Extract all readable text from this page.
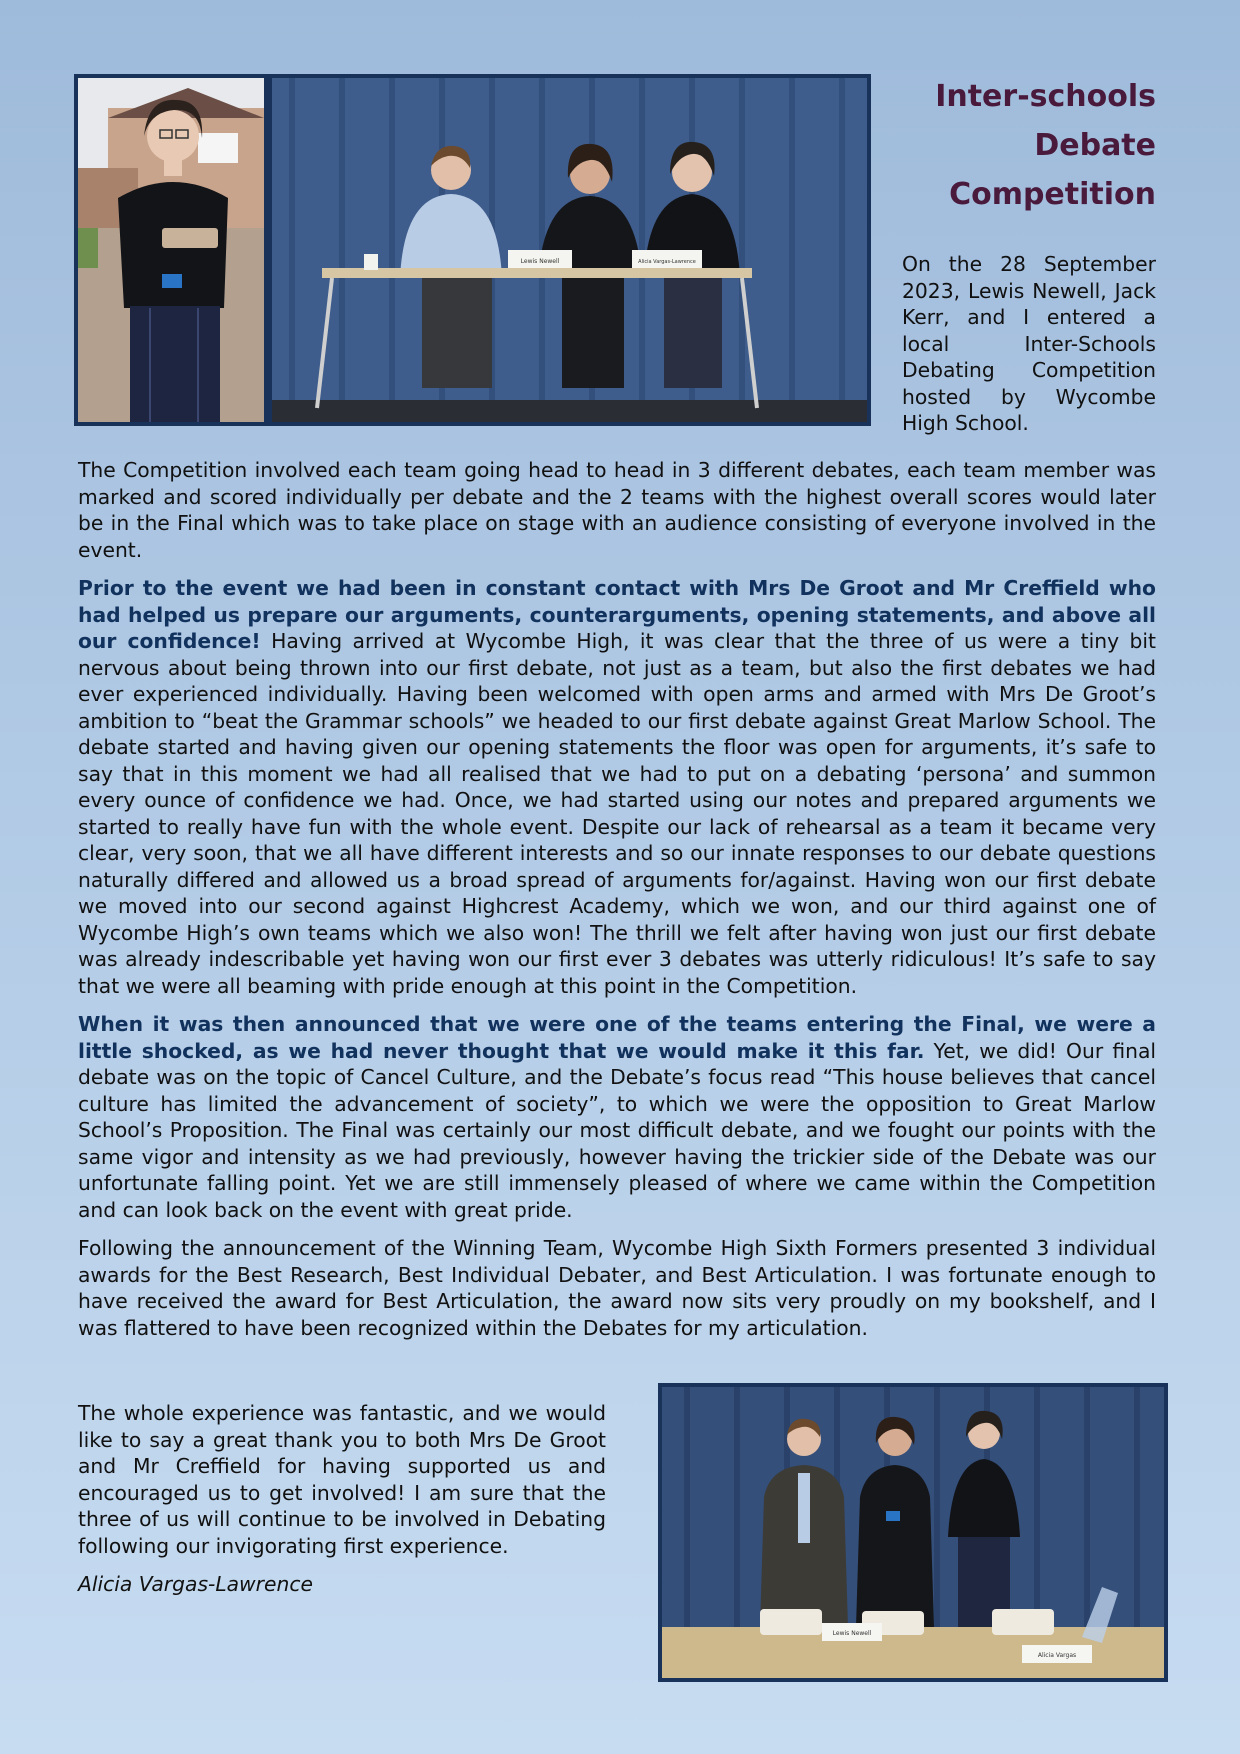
Lewis Newell	Alicia Vargas-Lawrence
Inter-schools
Debate
Competition

On the 28 September 2023, Lewis Newell, Jack Kerr, and I entered a local Inter-Schools Debating Competition hosted by Wycombe High School.

The Competition involved each team going head to head in 3 different debates, each team member was marked and scored individually per debate and the 2 teams with the highest overall scores would later be in the Final which was to take place on stage with an audience consisting of everyone involved in the event.

Prior to the event we had been in constant contact with Mrs De Groot and Mr Creffield who had helped us prepare our arguments, counterarguments, opening statements, and above all our confidence! Having arrived at Wycombe High, it was clear that the three of us were a tiny bit nervous about being thrown into our first debate, not just as a team, but also the first debates we had ever experienced individually. Having been welcomed with open arms and armed with Mrs De Groot’s ambition to “beat the Grammar schools” we headed to our first debate against Great Marlow School. The debate started and having given our opening statements the floor was open for arguments, it’s safe to say that in this moment we had all realised that we had to put on a debating ‘persona’ and summon every ounce of confidence we had. Once, we had started using our notes and prepared arguments we started to really have fun with the whole event. Despite our lack of rehearsal as a team it became very clear, very soon, that we all have different interests and so our innate responses to our debate questions naturally differed and allowed us a broad spread of arguments for/against. Having won our first debate we moved into our second against Highcrest Academy, which we won, and our third against one of Wycombe High’s own teams which we also won! The thrill we felt after having won just our first debate was already indescribable yet having won our first ever 3 debates was utterly ridiculous! It’s safe to say that we were all beaming with pride enough at this point in the Competition.

When it was then announced that we were one of the teams entering the Final, we were a little shocked, as we had never thought that we would make it this far. Yet, we did! Our final debate was on the topic of Cancel Culture, and the Debate’s focus read “This house believes that cancel culture has limited the advancement of society”, to which we were the opposition to Great Marlow School’s Proposition. The Final was certainly our most difficult debate, and we fought our points with the same vigor and intensity as we had previously, however having the trickier side of the Debate was our unfortunate falling point. Yet we are still immensely pleased of where we came within the Competition and can look back on the event with great pride.

Following the announcement of the Winning Team, Wycombe High Sixth Formers presented 3 individual awards for the Best Research, Best Individual Debater, and Best Articulation. I was fortunate enough to have received the award for Best Articulation, the award now sits very proudly on my bookshelf, and I was flattered to have been recognized within the Debates for my articulation.

The whole experience was fantastic, and we would like to say a great thank you to both Mrs De Groot and Mr Creffield for having supported us and encouraged us to get involved! I am sure that the three of us will continue to be involved in Debating following our invigorating first experience.

Alicia Vargas-Lawrence

Lewis Newell
Alicia Vargas
